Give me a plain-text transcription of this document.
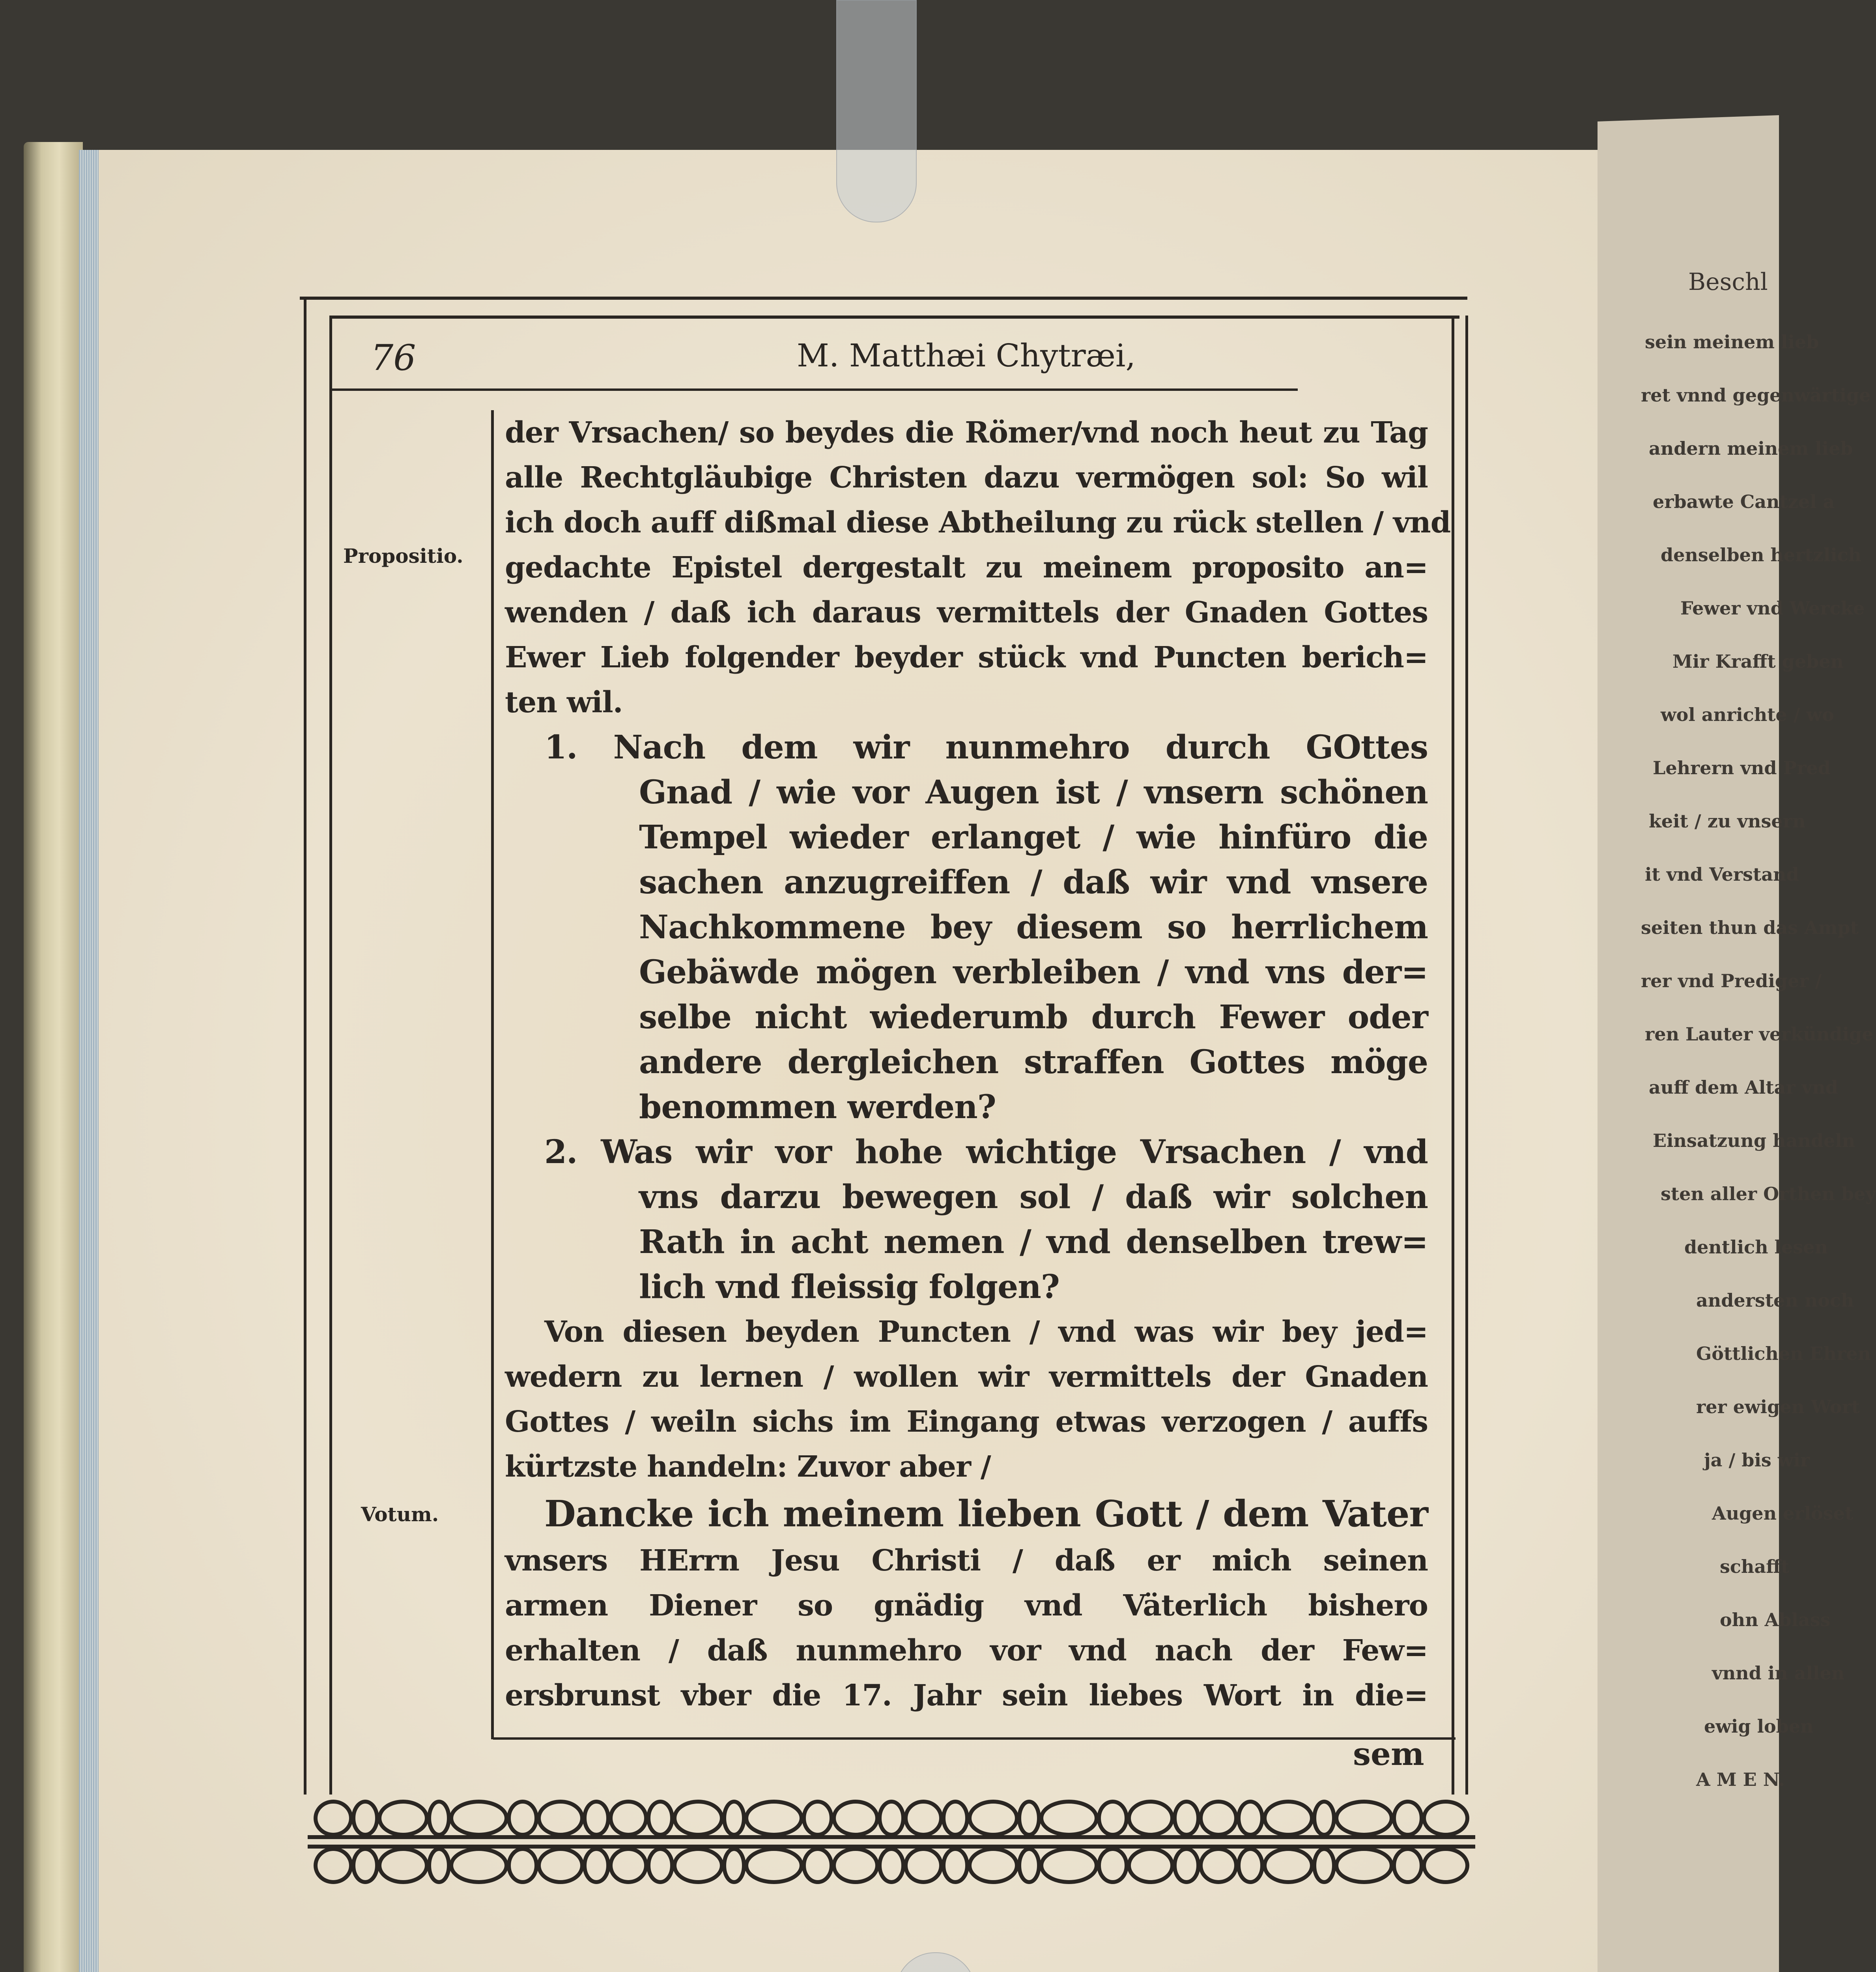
Beschl
sein meinem lieb
ret vnnd gegenwärtige
andern meinem lieb
erbawte Cantzel a
denselben hertzlich
Fewer vnd Wercke
Mir Krafft geben
wol anrichte / wo
Lehrern vnd Pred
keit / zu vnsern
it vnd Verstand
seiten thun das Ampt
rer vnd Prediger /
ren Lauter verkündige
auff dem Altar vnd
Einsatzung handeln
sten aller Orthen bey
dentlich lesen
andersten noch
Göttlichen Ehren
rer ewigen Wort
ja / bis wir
Augen erlöset
schafft
ohn Ablass
vnnd in allen
ewig loben
A M E N.
76	M. Matthæi Chytræi,
Propositio.
Votum.
der Vrsachen/ so beydes die Römer/vnd noch heut zu Tag
alle Rechtgläubige Christen dazu vermögen sol: So wil
ich doch auff dißmal diese Abtheilung zu rück stellen / vnd
gedachte Epistel dergestalt zu meinem proposito an=
wenden / daß ich daraus vermittels der Gnaden Gottes
Ewer Lieb folgender beyder stück vnd Puncten berich=
ten wil.
1. Nach dem wir nunmehro durch GOttes
Gnad / wie vor Augen ist / vnsern schönen
Tempel wieder erlanget / wie hinfüro die
sachen anzugreiffen / daß wir vnd vnsere
Nachkommene bey diesem so herrlichem
Gebäwde mögen verbleiben / vnd vns der=
selbe nicht wiederumb durch Fewer oder
andere dergleichen straffen Gottes möge
benommen werden?
2. Was wir vor hohe wichtige Vrsachen / vnd
vns darzu bewegen sol / daß wir solchen
Rath in acht nemen / vnd denselben trew=
lich vnd fleissig folgen?
Von diesen beyden Puncten / vnd was wir bey jed=
wedern zu lernen / wollen wir vermittels der Gnaden
Gottes / weiln sichs im Eingang etwas verzogen / auffs
kürtzste handeln: Zuvor aber /
Dancke ich meinem lieben Gott / dem Vater
vnsers HErrn Jesu Christi / daß er mich seinen
armen Diener so gnädig vnd Väterlich bishero
erhalten / daß nunmehro vor vnd nach der Few=
ersbrunst vber die 17. Jahr sein liebes Wort in die=
sem
